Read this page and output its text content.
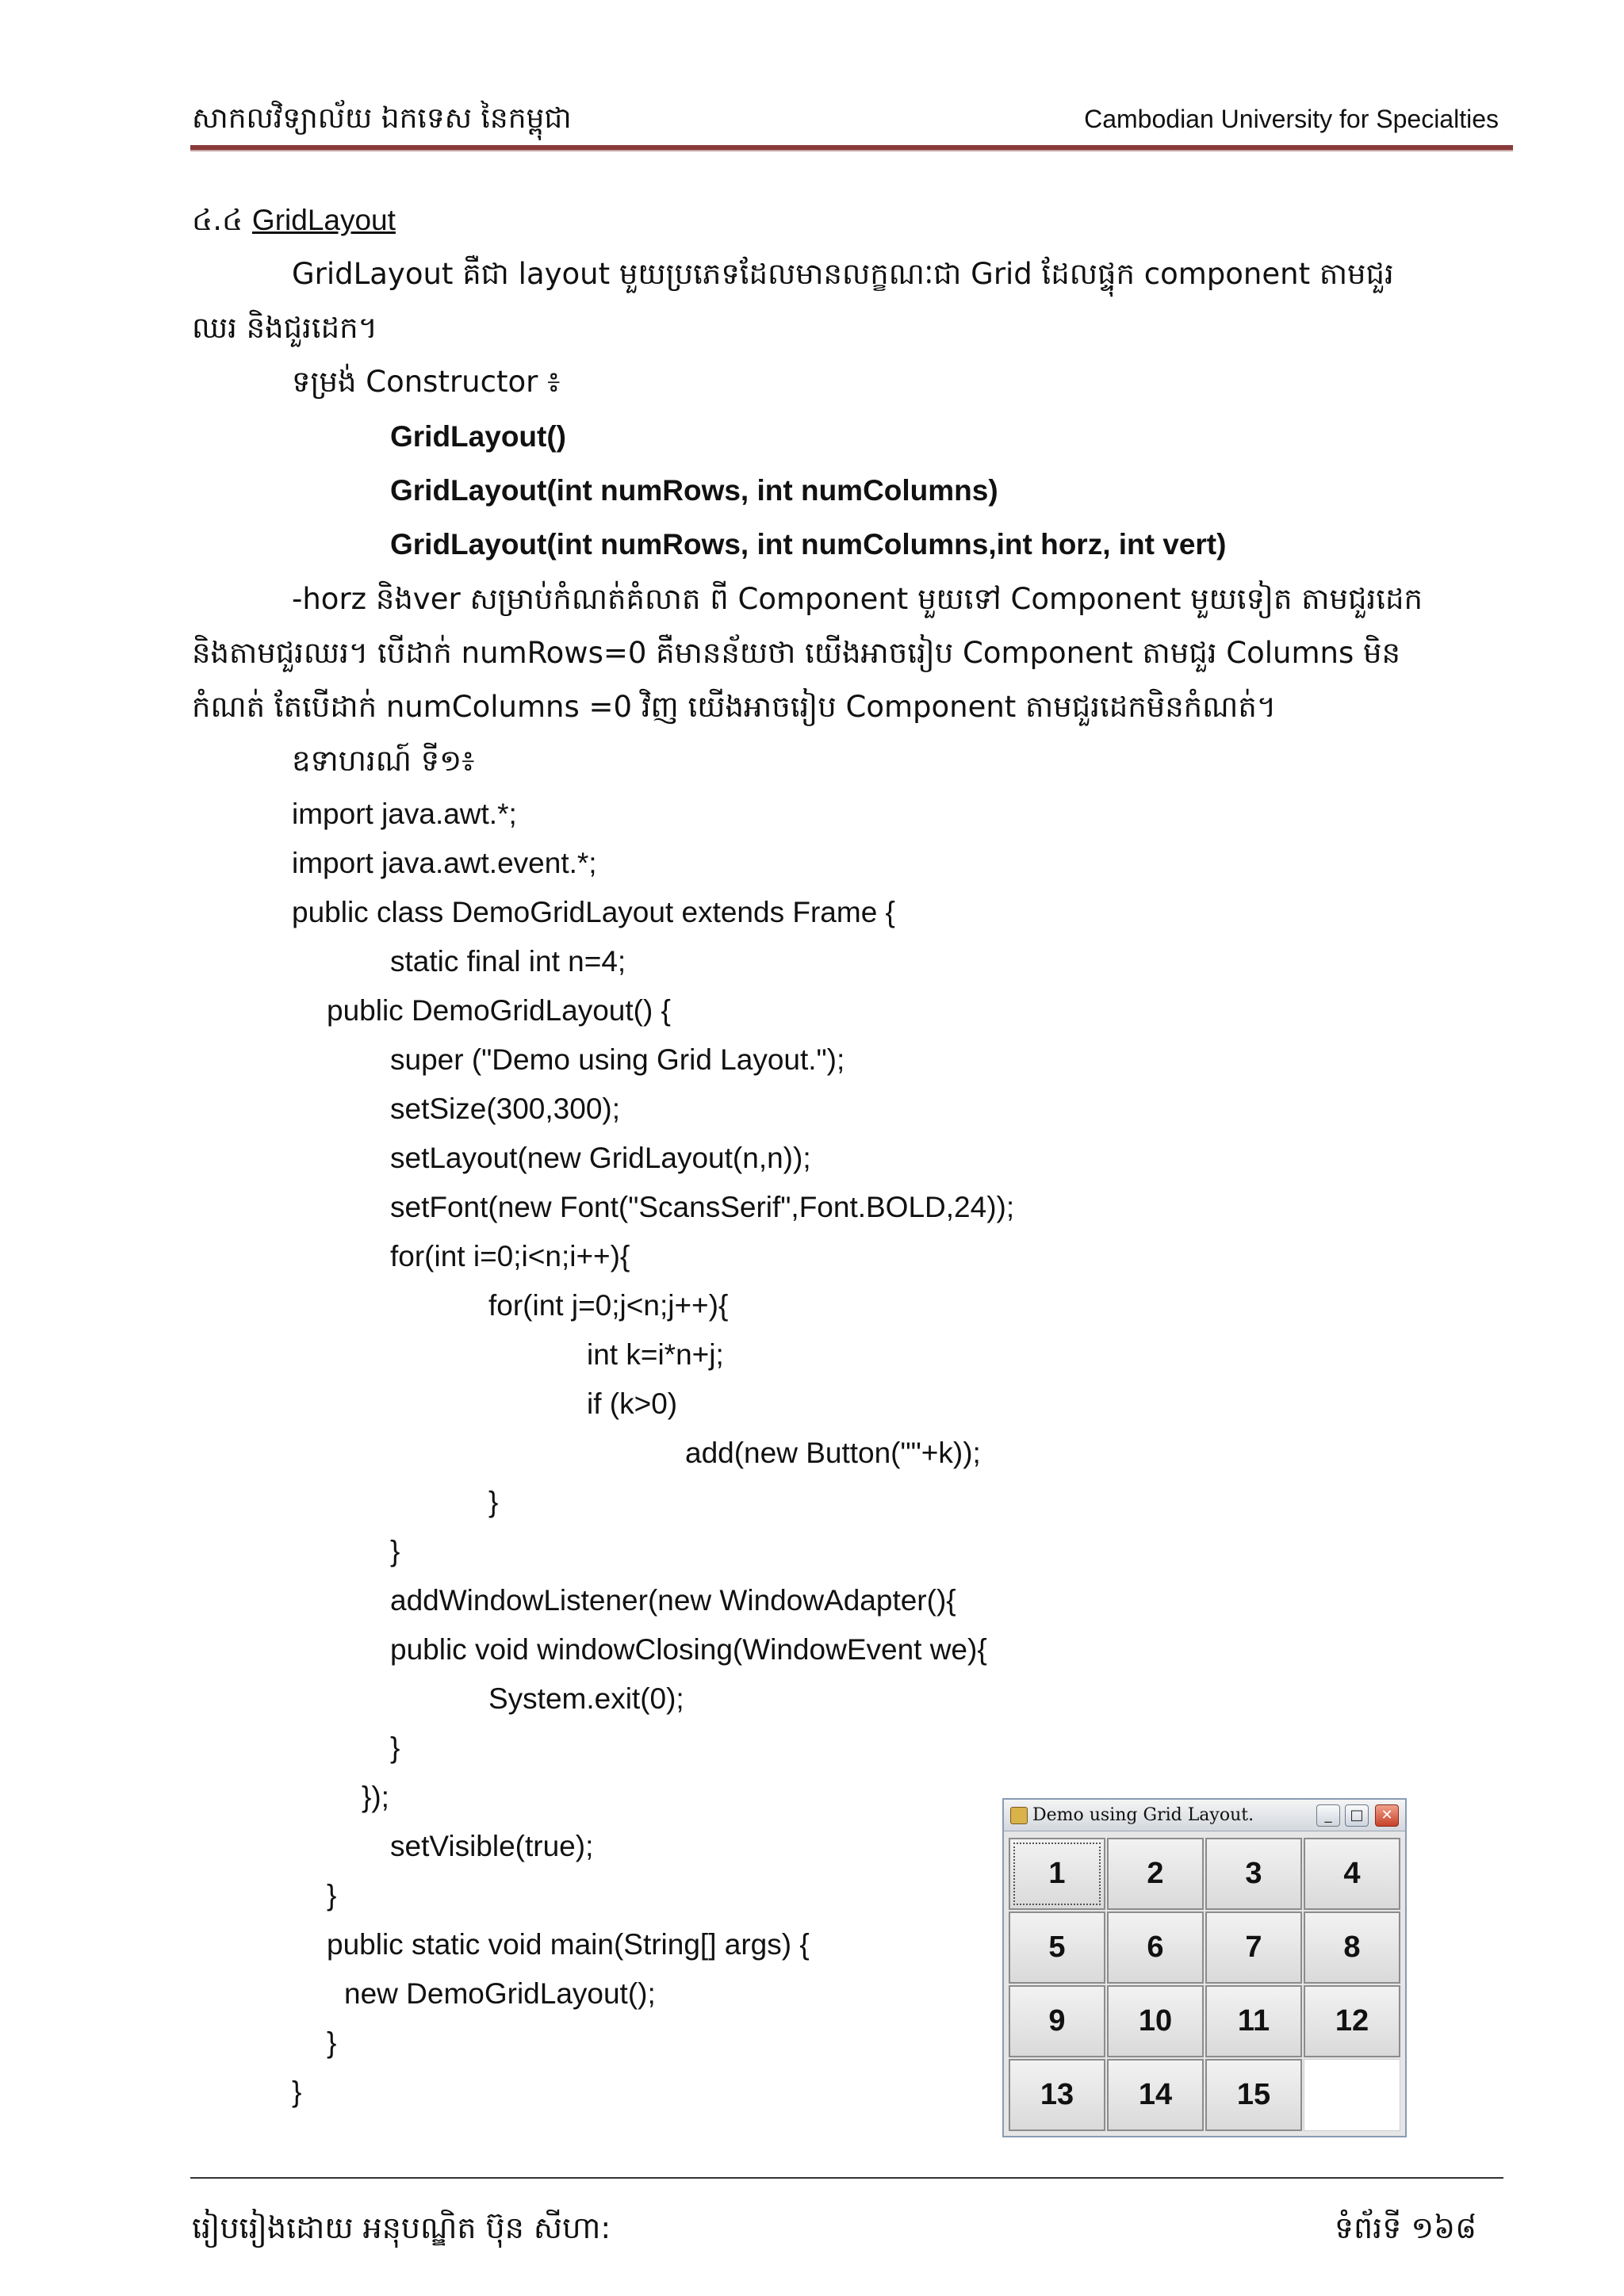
សាកលវិទ្យាល័យ ឯកទេស នៃកម្ពុជា	Cambodian University for Specialties
៤.៤ GridLayout
GridLayout គឺជា layout មួយប្រភេទដែលមានលក្ខណៈជា Grid ដែលផ្ទុក component តាមជួរ
ឈរ និងជួរដេក។
ទម្រង់ Constructor ៖
GridLayout()
GridLayout(int numRows, int numColumns)
GridLayout(int numRows, int numColumns,int horz, int vert)
-horz និងver សម្រាប់កំណត់គំលាត ពី Component មួយទៅ Component មួយទៀត តាមជួរដេក
និងតាមជួរឈរ។ បើដាក់ numRows=0 គឺមានន័យថា យើងអាចរៀប Component តាមជួរ Columns មិន
កំណត់ តែបើដាក់ numColumns =0 វិញ យើងអាចរៀប Component តាមជួរដេកមិនកំណត់។
ឧទាហរណ៍ ទី១៖
import java.awt.*;
import java.awt.event.*;
public class DemoGridLayout extends Frame {
static final int n=4;
public DemoGridLayout() {
super ("Demo using Grid Layout.");
setSize(300,300);
setLayout(new GridLayout(n,n));
setFont(new Font("ScansSerif",Font.BOLD,24));
for(int i=0;i<n;i++){
for(int j=0;j<n;j++){
int k=i*n+j;
if (k>0)
add(new Button(""+k));
}
}
addWindowListener(new WindowAdapter(){
public void windowClosing(WindowEvent we){
System.exit(0);
}
});
setVisible(true);
}
public static void main(String[] args) {
new DemoGridLayout();
}
}
Demo using Grid Layout.	_	□	✕
1	2	3	4
5	6	7	8
9	10	11	12
13	14	15
រៀបរៀងដោយ អនុបណ្ឌិត ប៊ុន សីហា:	ទំព័រទី ១៦៨
